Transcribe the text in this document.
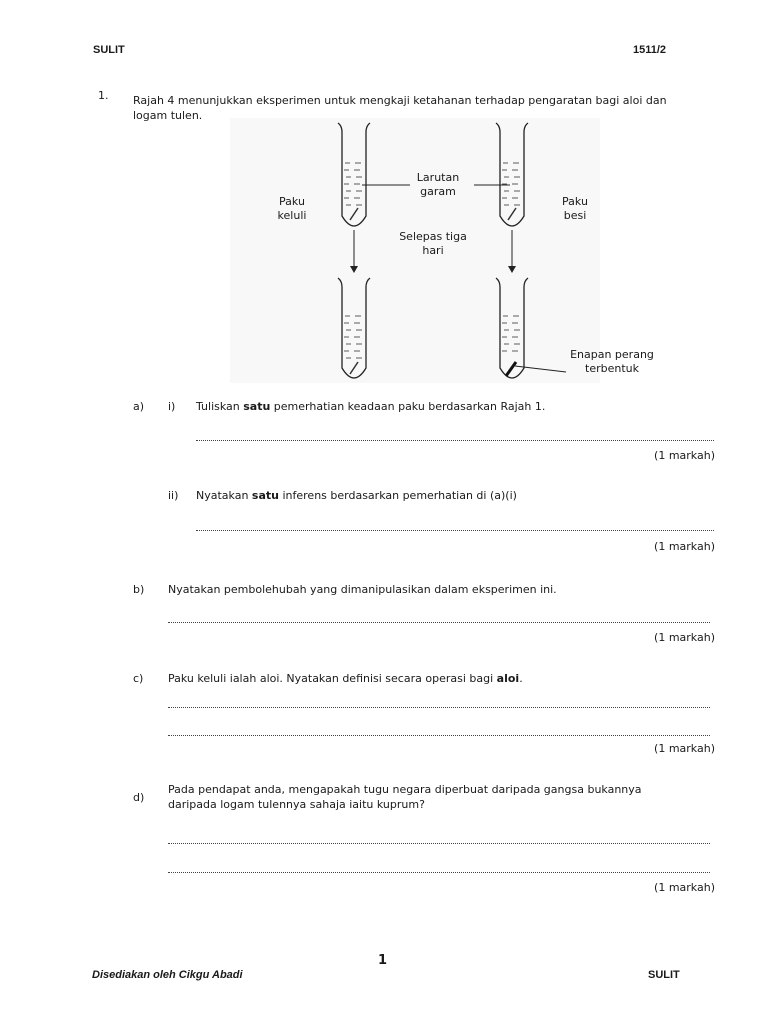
SULIT	1511/2
1. Rajah 4 menunjukkan eksperimen untuk mengkaji ketahanan terhadap pengaratan bagi aloi dan
logam tulen.
Paku
keluli
Larutan
garam
Paku
besi
Selepas tiga
hari
Enapan perang
terbentuk
a) i) Tuliskan satu pemerhatian keadaan paku berdasarkan Rajah 1.
(1 markah)
ii) Nyatakan satu inferens berdasarkan pemerhatian di (a)(i)
(1 markah)
b) Nyatakan pembolehubah yang dimanipulasikan dalam eksperimen ini.
(1 markah)
c) Paku keluli ialah aloi. Nyatakan definisi secara operasi bagi aloi.
(1 markah)
d)
Pada pendapat anda, mengapakah tugu negara diperbuat daripada gangsa bukannya
daripada logam tulennya sahaja iaitu kuprum?
(1 markah)
1
Disediakan oleh Cikgu Abadi	SULIT
